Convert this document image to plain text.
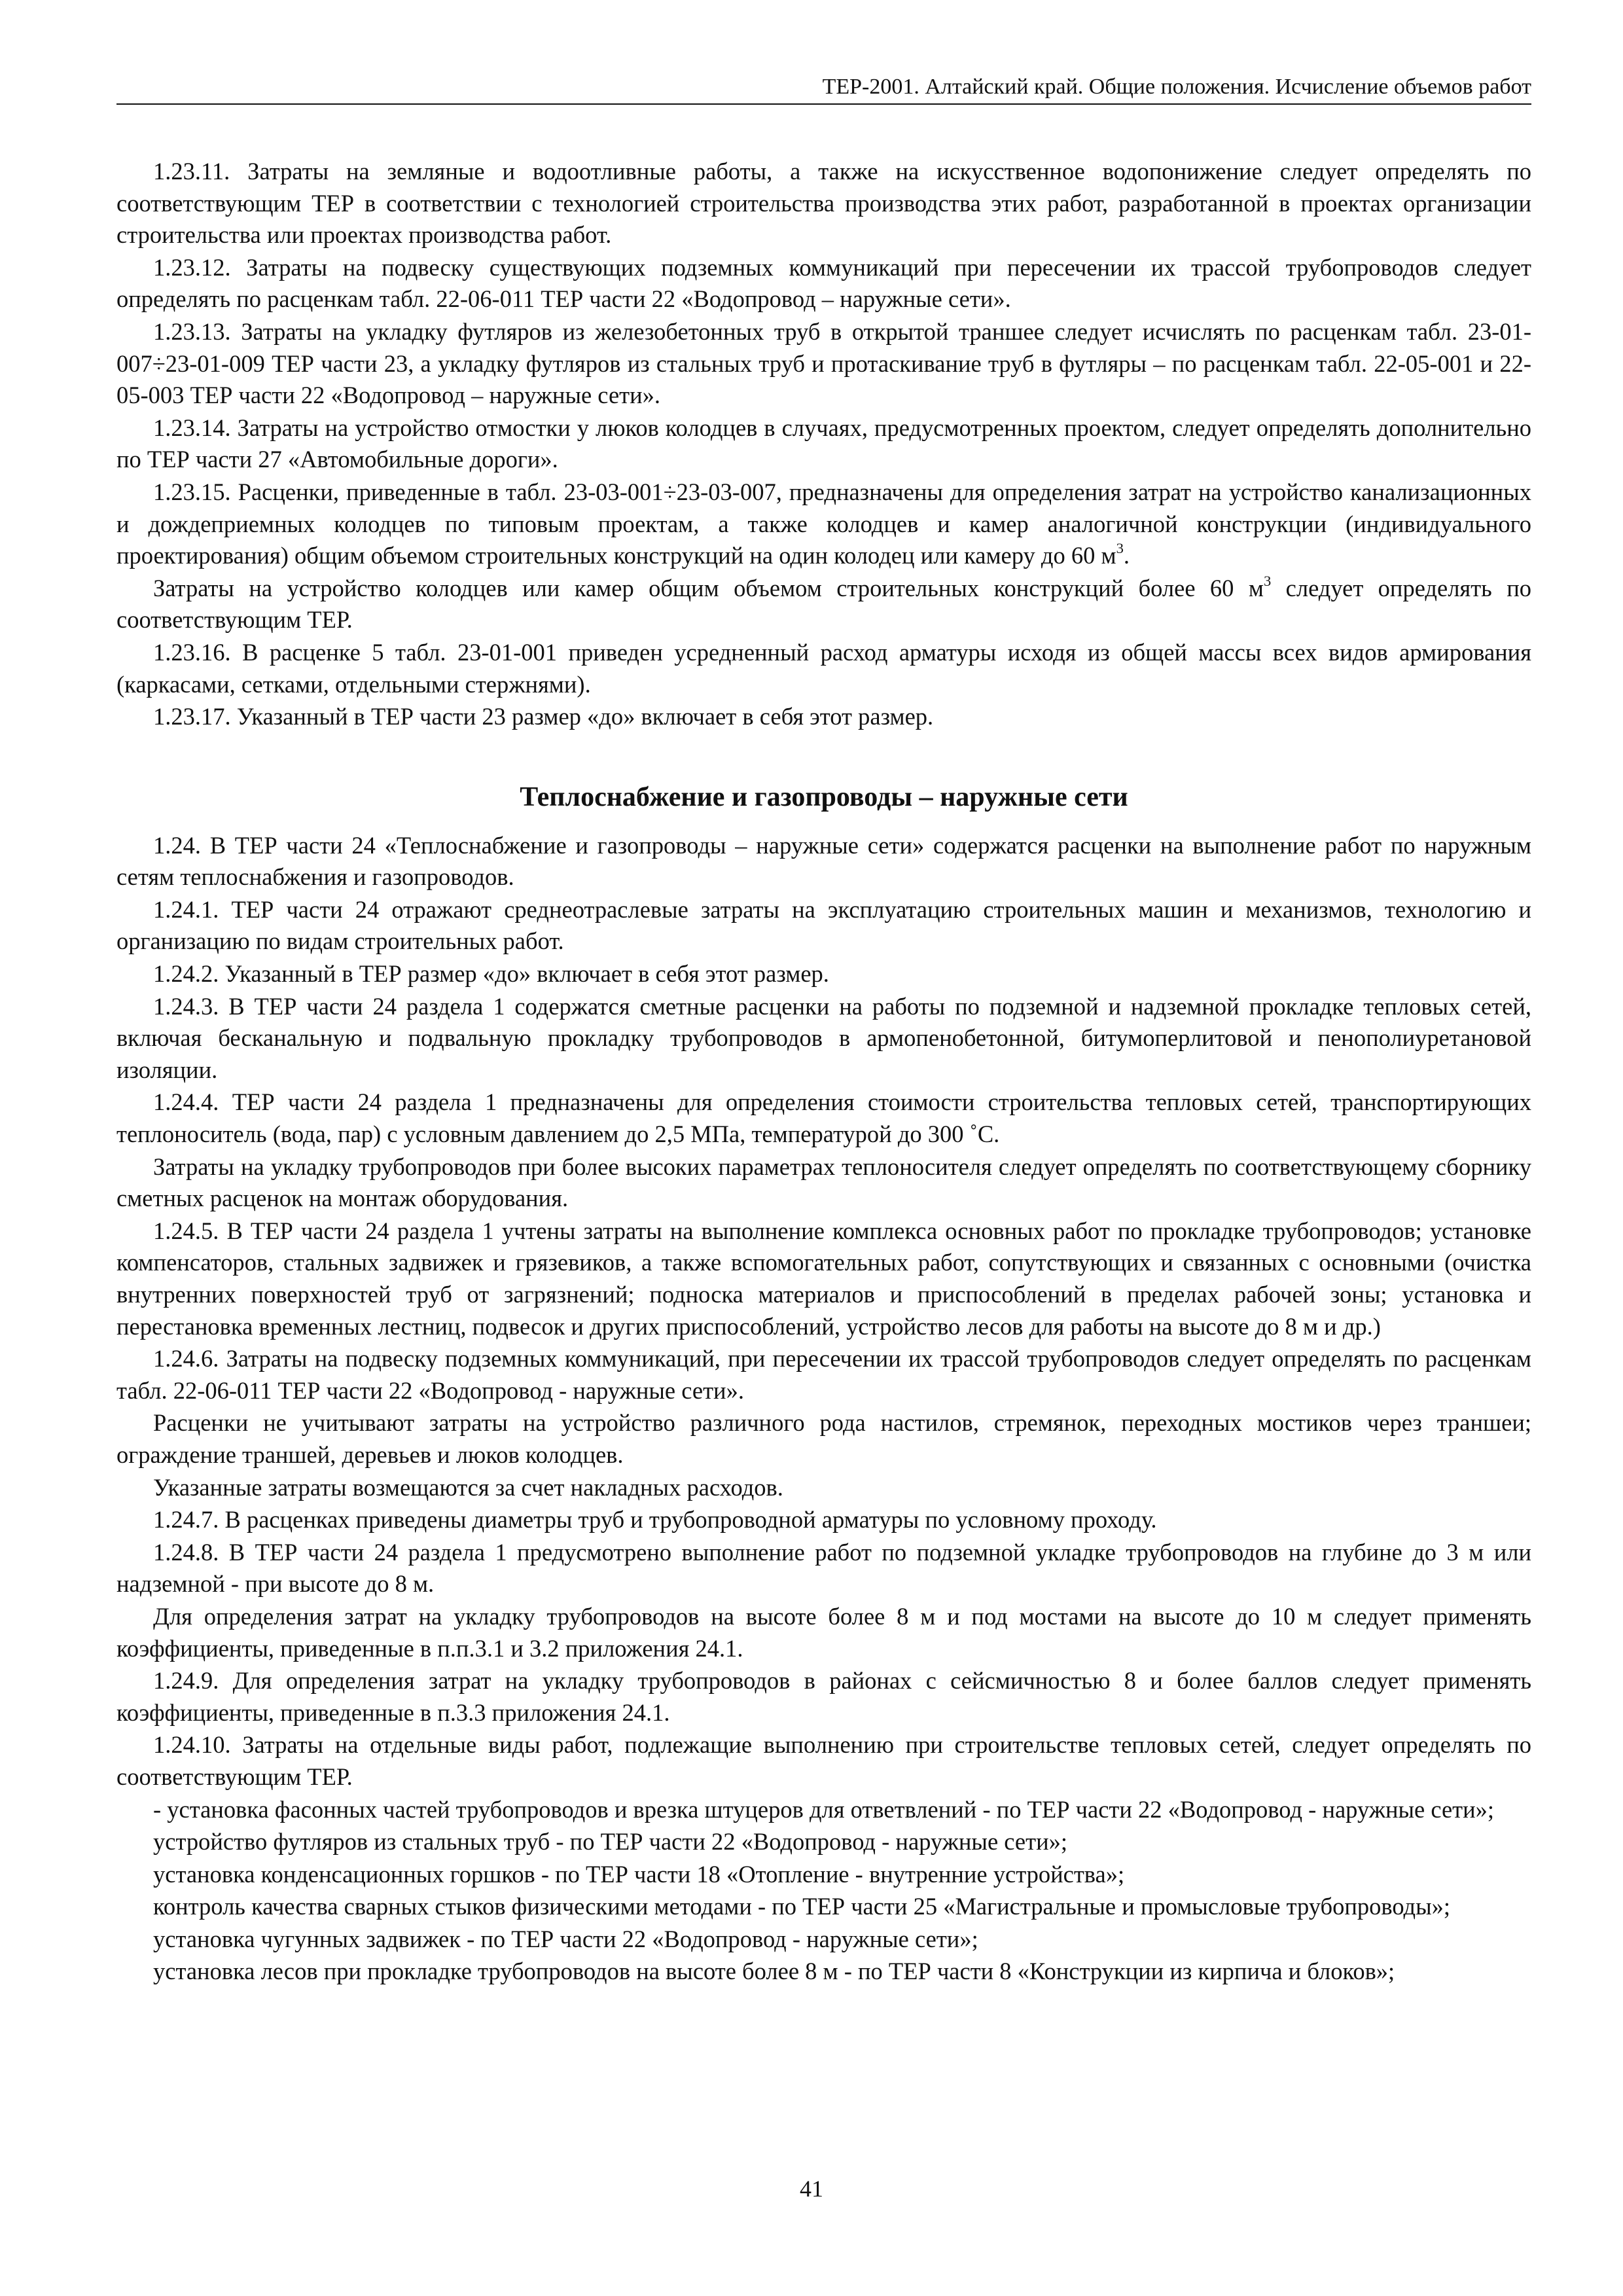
ТЕР-2001. Алтайский край. Общие положения. Исчисление объемов работ

1.23.11. Затраты на земляные и водоотливные работы, а также на искусственное водопонижение следует определять по соответствующим ТЕР в соответствии с технологией строительства производства этих работ, разработанной в проектах организации строительства или проектах производства работ.

1.23.12. Затраты на подвеску существующих подземных коммуникаций при пересечении их трассой трубопроводов следует определять по расценкам табл. 22-06-011 ТЕР части 22 «Водопровод – наружные сети».

1.23.13. Затраты на укладку футляров из железобетонных труб в открытой траншее следует исчислять по расценкам табл. 23-01-007÷23-01-009 ТЕР части 23, а укладку футляров из стальных труб и протаскивание труб в футляры – по расценкам табл. 22-05-001 и 22-05-003 ТЕР части 22 «Водопровод – наружные сети».

1.23.14. Затраты на устройство отмостки у люков колодцев в случаях, предусмотренных проектом, следует определять дополнительно по ТЕР части 27 «Автомобильные дороги».

1.23.15. Расценки, приведенные в табл. 23-03-001÷23-03-007, предназначены для определения затрат на устройство канализационных и дождеприемных колодцев по типовым проектам, а также колодцев и камер аналогичной конструкции (индивидуального проектирования) общим объемом строительных конструкций на один колодец или камеру до 60 $м^3$.

Затраты на устройство колодцев или камер общим объемом строительных конструкций более 60 $м^3$ следует определять по соответствующим ТЕР.

1.23.16. В расценке 5 табл. 23-01-001 приведен усредненный расход арматуры исходя из общей массы всех видов армирования (каркасами, сетками, отдельными стержнями).

1.23.17. Указанный в ТЕР части 23 размер «до» включает в себя этот размер.

Теплоснабжение и газопроводы – наружные сети

1.24. В ТЕР части 24 «Теплоснабжение и газопроводы – наружные сети» содержатся расценки на выполнение работ по наружным сетям теплоснабжения и газопроводов.

1.24.1. ТЕР части 24 отражают среднеотраслевые затраты на эксплуатацию строительных машин и механизмов, технологию и организацию по видам строительных работ.

1.24.2. Указанный в ТЕР размер «до» включает в себя этот размер.

1.24.3. В ТЕР части 24 раздела 1 содержатся сметные расценки на работы по подземной и надземной прокладке тепловых сетей, включая бесканальную и подвальную прокладку трубопроводов в армопенобетонной, битумоперлитовой и пенополиуретановой изоляции.

1.24.4. ТЕР части 24 раздела 1 предназначены для определения стоимости строительства тепловых сетей, транспортирующих теплоноситель (вода, пар) с условным давлением до 2,5 МПа, температурой до 300 ˚С.

Затраты на укладку трубопроводов при более высоких параметрах теплоносителя следует определять по соответствующему сборнику сметных расценок на монтаж оборудования.

1.24.5. В ТЕР части 24 раздела 1 учтены затраты на выполнение комплекса основных работ по прокладке трубопроводов; установке компенсаторов, стальных задвижек и грязевиков, а также вспомогательных работ, сопутствующих и связанных с основными (очистка внутренних поверхностей труб от загрязнений; подноска материалов и приспособлений в пределах рабочей зоны; установка и перестановка временных лестниц, подвесок и других приспособлений, устройство лесов для работы на высоте до 8 м и др.)

1.24.6. Затраты на подвеску подземных коммуникаций, при пересечении их трассой трубопроводов следует определять по расценкам табл. 22-06-011 ТЕР части 22 «Водопровод - наружные сети».

Расценки не учитывают затраты на устройство различного рода настилов, стремянок, переходных мостиков через траншеи; ограждение траншей, деревьев и люков колодцев.

Указанные затраты возмещаются за счет накладных расходов.

1.24.7. В расценках приведены диаметры труб и трубопроводной арматуры по условному проходу.

1.24.8. В ТЕР части 24 раздела 1 предусмотрено выполнение работ по подземной укладке трубопроводов на глубине до 3 м или надземной - при высоте до 8 м.

Для определения затрат на укладку трубопроводов на высоте более 8 м и под мостами на высоте до 10 м следует применять коэффициенты, приведенные в п.п.3.1 и 3.2 приложения 24.1.

1.24.9. Для определения затрат на укладку трубопроводов в районах с сейсмичностью 8 и более баллов следует применять коэффициенты, приведенные в п.3.3 приложения 24.1.

1.24.10. Затраты на отдельные виды работ, подлежащие выполнению при строительстве тепловых сетей, следует определять по соответствующим ТЕР.

- установка фасонных частей трубопроводов и врезка штуцеров для ответвлений - по ТЕР части 22 «Водопровод - наружные сети»;

устройство футляров из стальных труб - по ТЕР части 22 «Водопровод - наружные сети»;

установка конденсационных горшков - по ТЕР части 18 «Отопление - внутренние устройства»;

контроль качества сварных стыков физическими методами - по ТЕР части 25 «Магистральные и промысловые трубопроводы»;

установка чугунных задвижек - по ТЕР части 22 «Водопровод - наружные сети»;

установка лесов при прокладке трубопроводов на высоте более 8 м - по ТЕР части 8 «Конструкции из кирпича и блоков»;

41
